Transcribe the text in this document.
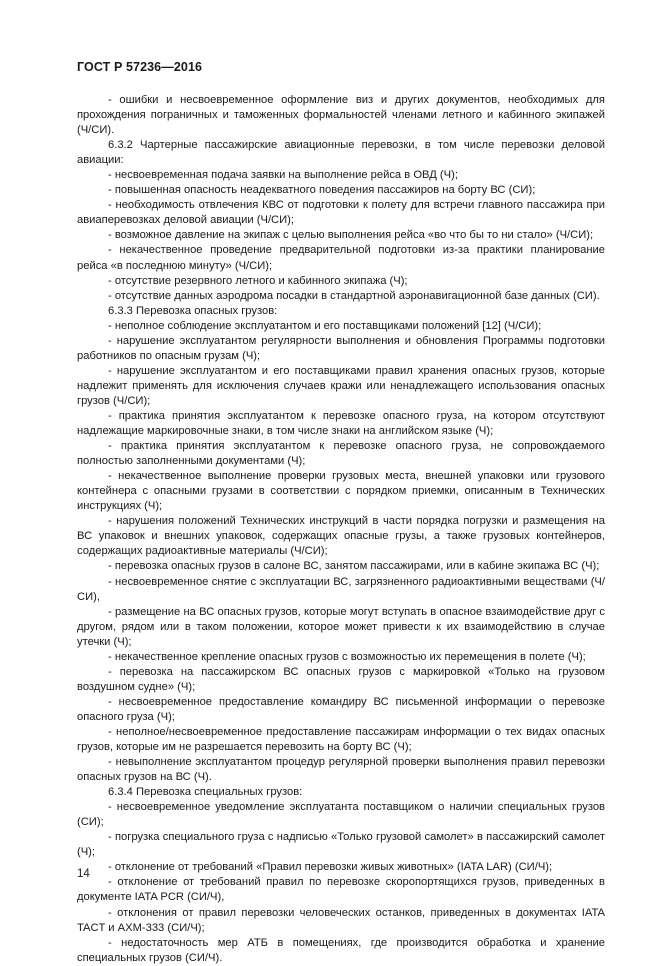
ГОСТ Р 57236—2016

- ошибки и несвоевременное оформление виз и других документов, необходимых для прохождения пограничных и таможенных формальностей членами летного и кабинного экипажей (Ч/СИ).

6.3.2 Чартерные пассажирские авиационные перевозки, в том числе перевозки деловой авиации:

- несвоевременная подача заявки на выполнение рейса в ОВД (Ч);

- повышенная опасность неадекватного поведения пассажиров на борту ВС (СИ);

- необходимость отвлечения КВС от подготовки к полету для встречи главного пассажира при авиаперевозках деловой авиации (Ч/СИ);

- возможное давление на экипаж с целью выполнения рейса «во что бы то ни стало» (Ч/СИ);

- некачественное проведение предварительной подготовки из-за практики планирование рейса «в последнюю минуту» (Ч/СИ);

- отсутствие резервного летного и кабинного экипажа (Ч);

- отсутствие данных аэродрома посадки в стандартной аэронавигационной базе данных (СИ).

6.3.3 Перевозка опасных грузов:

- неполное соблюдение эксплуатантом и его поставщиками положений [12] (Ч/СИ);

- нарушение эксплуатантом регулярности выполнения и обновления Программы подготовки работников по опасным грузам (Ч);

- нарушение эксплуатантом и его поставщиками правил хранения опасных грузов, которые надлежит применять для исключения случаев кражи или ненадлежащего использования опасных грузов (Ч/СИ);

- практика принятия эксплуатантом к перевозке опасного груза, на котором отсутствуют надлежащие маркировочные знаки, в том числе знаки на английском языке (Ч);

- практика принятия эксплуатантом к перевозке опасного груза, не сопровождаемого полностью заполненными документами (Ч);

- некачественное выполнение проверки грузовых места, внешней упаковки или грузового контейнера с опасными грузами в соответствии с порядком приемки, описанным в Технических инструкциях (Ч);

- нарушения положений Технических инструкций в части порядка погрузки и размещения на ВС упаковок и внешних упаковок, содержащих опасные грузы, а также грузовых контейнеров, содержащих радиоактивные материалы (Ч/СИ);

- перевозка опасных грузов в салоне ВС, занятом пассажирами, или в кабине экипажа ВС (Ч);

- несвоевременное снятие с эксплуатации ВС, загрязненного радиоактивными веществами (Ч/СИ),

- размещение на ВС опасных грузов, которые могут вступать в опасное взаимодействие друг с другом, рядом или в таком положении, которое может привести к их взаимодействию в случае утечки (Ч);

- некачественное крепление опасных грузов с возможностью их перемещения в полете (Ч);

- перевозка на пассажирском ВС опасных грузов с маркировкой «Только на грузовом воздушном судне» (Ч);

- несвоевременное предоставление командиру ВС письменной информации о перевозке опасного груза (Ч);

- неполное/несвоевременное предоставление пассажирам информации о тех видах опасных грузов, которые им не разрешается перевозить на борту ВС (Ч);

- невыполнение эксплуатантом процедур регулярной проверки выполнения правил перевозки опасных грузов на ВС (Ч).

6.3.4 Перевозка специальных грузов:

- несвоевременное уведомление эксплуатанта поставщиком о наличии специальных грузов (СИ);

- погрузка специального груза с надписью «Только грузовой самолет» в пассажирский самолет (Ч);

- отклонение от требований «Правил перевозки живых животных» (IATA LAR) (СИ/Ч);

- отклонение от требований правил по перевозке скоропортящихся грузов, приведенных в документе IATA PCR (СИ/Ч),

- отклонения от правил перевозки человеческих останков, приведенных в документах IATA TACT и AXM-333 (СИ/Ч);

- недостаточность мер АТБ в помещениях, где производится обработка и хранение специальных грузов (СИ/Ч).

14
